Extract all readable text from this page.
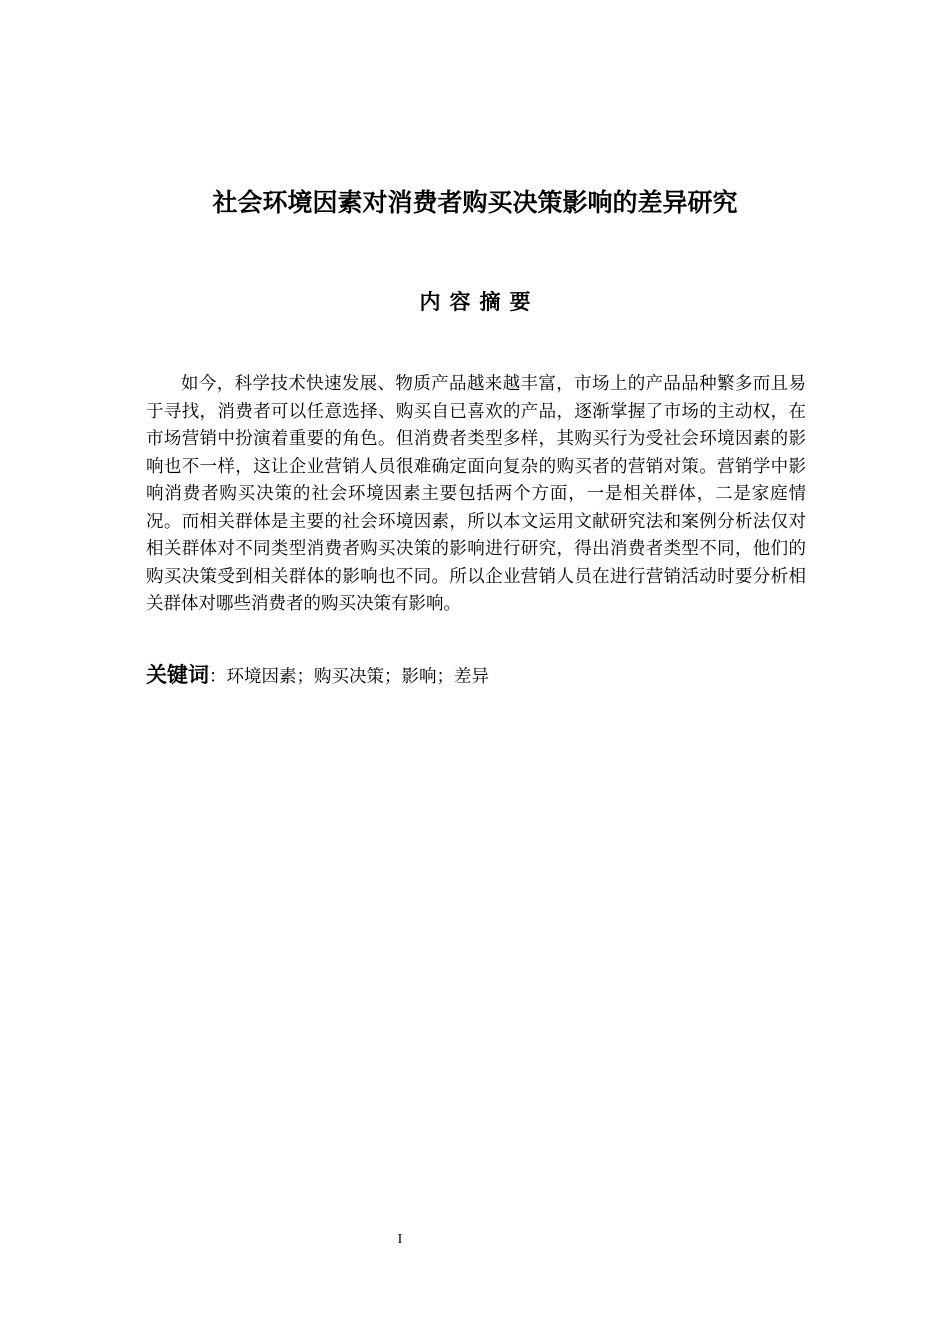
社会环境因素对消费者购买决策影响的差异研究
内容摘要

如今，科学技术快速发展、物质产品越来越丰富，市场上的产品品种繁多而且易于寻找，消费者可以任意选择、购买自已喜欢的产品，逐渐掌握了市场的主动权，在市场营销中扮演着重要的角色。但消费者类型多样，其购买行为受社会环境因素的影响也不一样，这让企业营销人员很难确定面向复杂的购买者的营销对策。营销学中影响消费者购买决策的社会环境因素主要包括两个方面，一是相关群体，二是家庭情况。而相关群体是主要的社会环境因素，所以本文运用文献研究法和案例分析法仅对相关群体对不同类型消费者购买决策的影响进行研究，得出消费者类型不同，他们的购买决策受到相关群体的影响也不同。所以企业营销人员在进行营销活动时要分析相关群体对哪些消费者的购买决策有影响。

关键词：环境因素；购买决策；影响；差异
I
